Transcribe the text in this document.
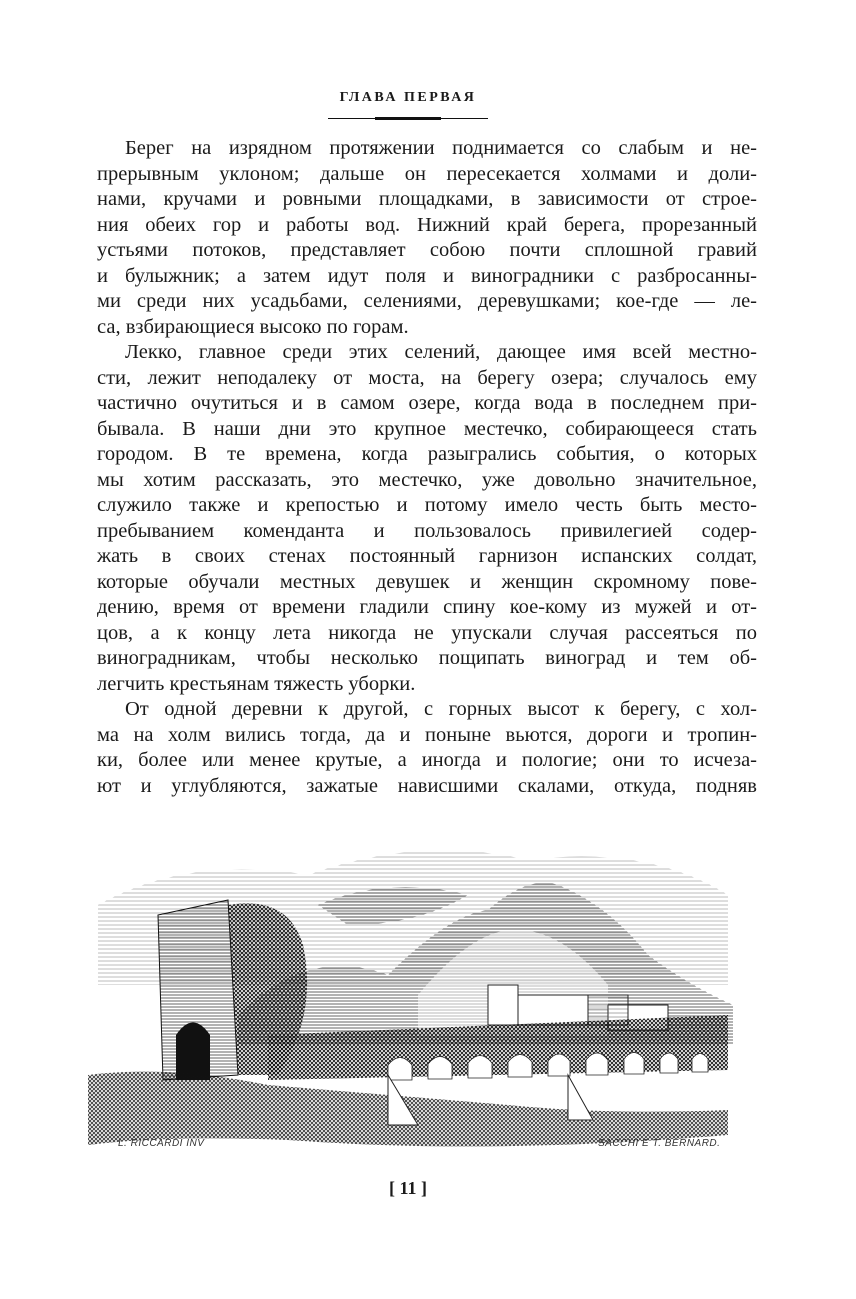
ГЛАВА ПЕРВАЯ
Берег на изрядном протяжении поднимается со слабым и не-
прерывным уклоном; дальше он пересекается холмами и доли-
нами, кручами и ровными площадками, в зависимости от строе-
ния обеих гор и работы вод. Нижний край берега, прорезанный
устьями потоков, представляет собою почти сплошной гравий
и булыжник; а затем идут поля и виноградники с разбросанны-
ми среди них усадьбами, селениями, деревушками; кое-где — ле-
са, взбирающиеся высоко по горам.
Лекко, главное среди этих селений, дающее имя всей местно-
сти, лежит неподалеку от моста, на берегу озера; случалось ему
частично очутиться и в самом озере, когда вода в последнем при-
бывала. В наши дни это крупное местечко, собирающееся стать
городом. В те времена, когда разыгрались события, о которых
мы хотим рассказать, это местечко, уже довольно значительное,
служило также и крепостью и потому имело честь быть место-
пребыванием коменданта и пользовалось привилегией содер-
жать в своих стенах постоянный гарнизон испанских солдат,
которые обучали местных девушек и женщин скромному пове-
дению, время от времени гладили спину кое-кому из мужей и от-
цов, а к концу лета никогда не упускали случая рассеяться по
виноградникам, чтобы несколько пощипать виноград и тем об-
легчить крестьянам тяжесть уборки.
От одной деревни к другой, с горных высот к берегу, с хол-
ма на холм вились тогда, да и поныне вьются, дороги и тропин-
ки, более или менее крутые, а иногда и пологие; они то исчеза-
ют и углубляются, зажатые нависшими скалами, откуда, подняв
L. RICCARDI INV	SACCHI E T. BERNARD.
[ 11 ]
